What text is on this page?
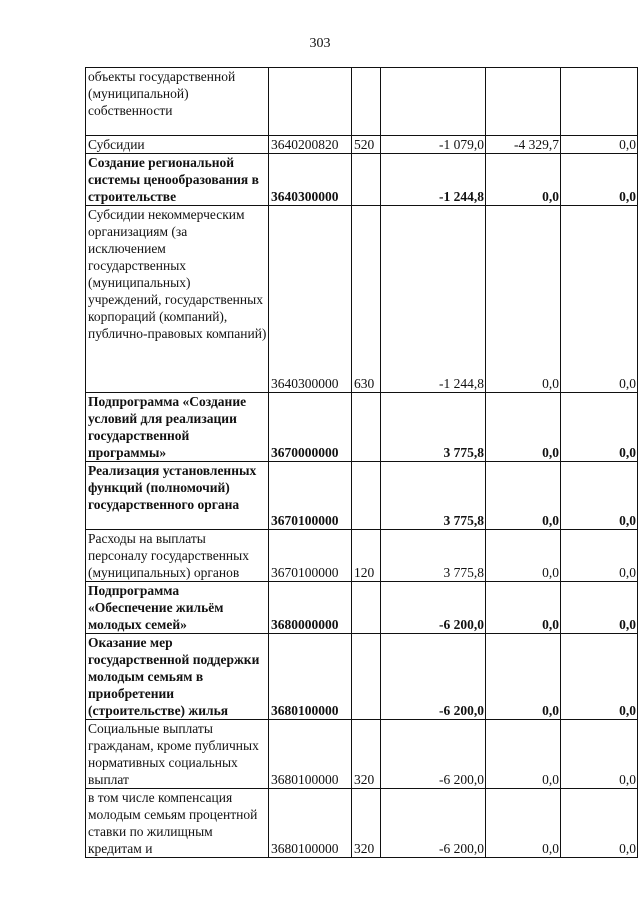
303
объекты государственной (муниципальной) собственности					

Субсидии	3640200820	520	-1 079,0	-4 329,7	0,0

Создание региональной системы ценообразования в строительстве	3640300000		-1 244,8	0,0	0,0

Субсидии некоммерческим организациям (за исключением государственных (муниципальных) учреждений, государственных корпораций (компаний), публично-правовых компаний)	3640300000	630	-1 244,8	0,0	0,0

Подпрограмма «Создание условий для реализации государственной программы»	3670000000		3 775,8	0,0	0,0

Реализация установленных функций (полномочий) государственного органа	3670100000		3 775,8	0,0	0,0

Расходы на выплаты персоналу государственных (муниципальных) органов	3670100000	120	3 775,8	0,0	0,0

Подпрограмма «Обеспечение жильём молодых семей»	3680000000		-6 200,0	0,0	0,0

Оказание мер государственной поддержки молодым семьям в приобретении (строительстве) жилья	3680100000		-6 200,0	0,0	0,0

Социальные выплаты гражданам, кроме публичных нормативных социальных выплат	3680100000	320	-6 200,0	0,0	0,0

в том числе компенсация молодым семьям процентной ставки по жилищным кредитам и	3680100000	320	-6 200,0	0,0	0,0
